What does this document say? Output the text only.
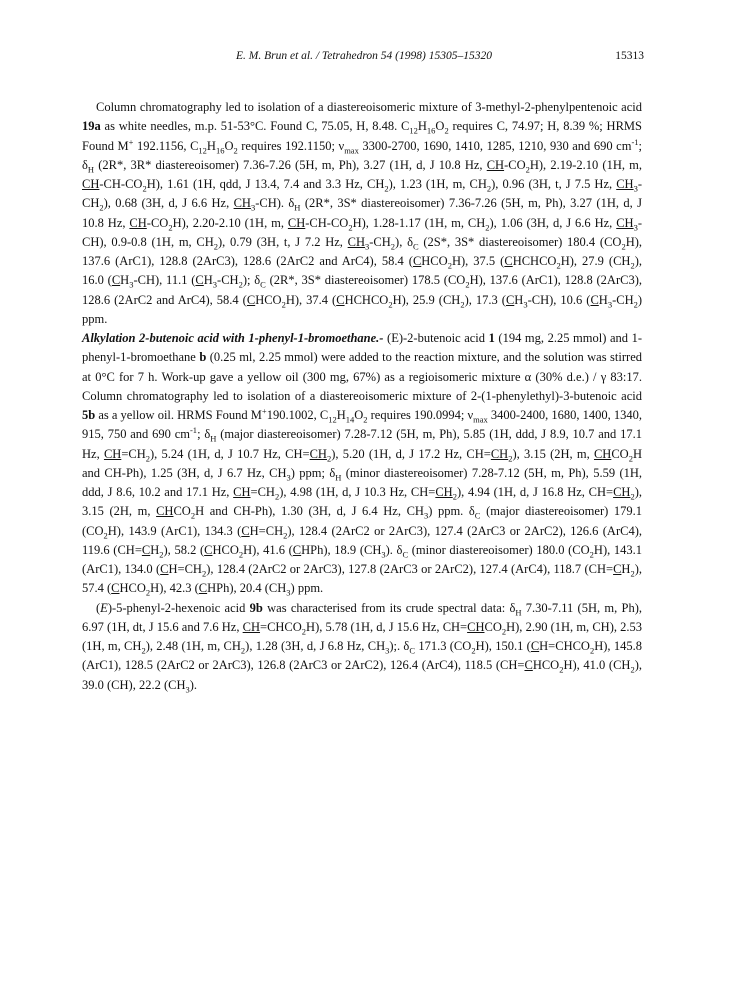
E. M. Brun et al. / Tetrahedron 54 (1998) 15305–15320	15313

Column chromatography led to isolation of a diastereoisomeric mixture of 3-methyl-2-phenylpentenoic acid 19a as white needles, m.p. 51-53°C. Found C, 75.05, H, 8.48. $C_{12}H_{16}O_2$ requires C, 74.97; H, 8.39 %; HRMS Found M+ 192.1156, $C_{12}H_{16}O_2$ requires 192.1150; $\nu_{max}$ 3300-2700, 1690, 1410, 1285, 1210, 930 and 690 $cm^{-1}$; $\delta_H$ (2R*, 3R* diastereoisomer) 7.36-7.26 (5H, m, Ph), 3.27 (1H, d, J 10.8 Hz, $CH-CO_2H$), 2.19-2.10 (1H, m, $CH-CH-CO_2H$), 1.61 (1H, qdd, J 13.4, 7.4 and 3.3 Hz, $CH_2$), 1.23 (1H, m, $CH_2$), 0.96 (3H, t, J 7.5 Hz, $CH_3-CH_2$), 0.68 (3H, d, J 6.6 Hz, $CH_3-CH$). $\delta_H$ (2R*, 3S* diastereoisomer) 7.36-7.26 (5H, m, Ph), 3.27 (1H, d, J 10.8 Hz, $CH-CO_2H$), 2.20-2.10 (1H, m, $CH-CH-CO_2H$), 1.28-1.17 (1H, m, $CH_2$), 1.06 (3H, d, J 6.6 Hz, $CH_3-CH$), 0.9-0.8 (1H, m, $CH_2$), 0.79 (3H, t, J 7.2 Hz, $CH_3-CH_2$), $\delta_C$ (2S*, 3S* diastereoisomer) 180.4 $(CO_2H)$, 137.6 (ArC1), 128.8 (2ArC3), 128.6 (2ArC2 and ArC4), 58.4 $(CHCO_2H)$, 37.5 $(CHCHCO_2H)$, 27.9 $(CH_2)$, 16.0 $(CH_3-CH)$, 11.1 $(CH_3-CH_2)$; $\delta_C$ (2R*, 3S* diastereoisomer) 178.5 $(CO_2H)$, 137.6 (ArC1), 128.8 (2ArC3), 128.6 (2ArC2 and ArC4), 58.4 $(CHCO_2H)$, 37.4 $(CHCHCO_2H)$, 25.9 $(CH_2)$, 17.3 $(CH_3-CH)$, 10.6 $(CH_3-CH_2)$ ppm.

Alkylation 2-butenoic acid with 1-phenyl-1-bromoethane.- (E)-2-butenoic acid 1 (194 mg, 2.25 mmol) and 1-phenyl-1-bromoethane b (0.25 ml, 2.25 mmol) were added to the reaction mixture, and the solution was stirred at 0°C for 7 h. Work-up gave a yellow oil (300 mg, 67%) as a regioisomeric mixture α (30% d.e.) / γ 83:17. Column chromatography led to isolation of a diastereoisomeric mixture of 2-(1-phenylethyl)-3-butenoic acid 5b as a yellow oil. HRMS Found M+190.1002, $C_{12}H_{14}O_2$ requires 190.0994; $\nu_{max}$ 3400-2400, 1680, 1400, 1340, 915, 750 and 690 $cm^{-1}$; $\delta_H$ (major diastereoisomer) 7.28-7.12 (5H, m, Ph), 5.85 (1H, ddd, J 8.9, 10.7 and 17.1 Hz, $CH=CH_2$), 5.24 (1H, d, J 10.7 Hz, $CH=CH_2$), 5.20 (1H, d, J 17.2 Hz, $CH=CH_2$), 3.15 (2H, m, $CHCO_2H$ and CH-Ph), 1.25 (3H, d, J 6.7 Hz, $CH_3$) ppm; $\delta_H$ (minor diastereoisomer) 7.28-7.12 (5H, m, Ph), 5.59 (1H, ddd, J 8.6, 10.2 and 17.1 Hz, $CH=CH_2$), 4.98 (1H, d, J 10.3 Hz, $CH=CH_2$), 4.94 (1H, d, J 16.8 Hz, $CH=CH_2$), 3.15 (2H, m, $CHCO_2H$ and CH-Ph), 1.30 (3H, d, J 6.4 Hz, $CH_3$) ppm. $\delta_C$ (major diastereoisomer) 179.1 $(CO_2H)$, 143.9 (ArC1), 134.3 $(CH=CH_2)$, 128.4 (2ArC2 or 2ArC3), 127.4 (2ArC3 or 2ArC2), 126.6 (ArC4), 119.6 $(CH=CH_2)$, 58.2 $(CHCO_2H)$, 41.6 (CHPh), 18.9 $(CH_3)$. $\delta_C$ (minor diastereoisomer) 180.0 $(CO_2H)$, 143.1 (ArC1), 134.0 $(CH=CH_2)$, 128.4 (2ArC2 or 2ArC3), 127.8 (2ArC3 or 2ArC2), 127.4 (ArC4), 118.7 $(CH=CH_2)$, 57.4 $(CHCO_2H)$, 42.3 (CHPh), 20.4 $(CH_3)$ ppm.

(E)-5-phenyl-2-hexenoic acid 9b was characterised from its crude spectral data: $\delta_H$ 7.30-7.11 (5H, m, Ph), 6.97 (1H, dt, J 15.6 and 7.6 Hz, $CH=CHCO_2H$), 5.78 (1H, d, J 15.6 Hz, $CH=CHCO_2H$), 2.90 (1H, m, CH), 2.53 (1H, m, $CH_2$), 2.48 (1H, m, $CH_2$), 1.28 (3H, d, J 6.8 Hz, $CH_3$);. $\delta_C$ 171.3 $(CO_2H)$, 150.1 $(CH=CHCO_2H)$, 145.8 (ArC1), 128.5 (2ArC2 or 2ArC3), 126.8 (2ArC3 or 2ArC2), 126.4 (ArC4), 118.5 $(CH=CHCO_2H)$, 41.0 $(CH_2)$, 39.0 (CH), 22.2 $(CH_3)$.
